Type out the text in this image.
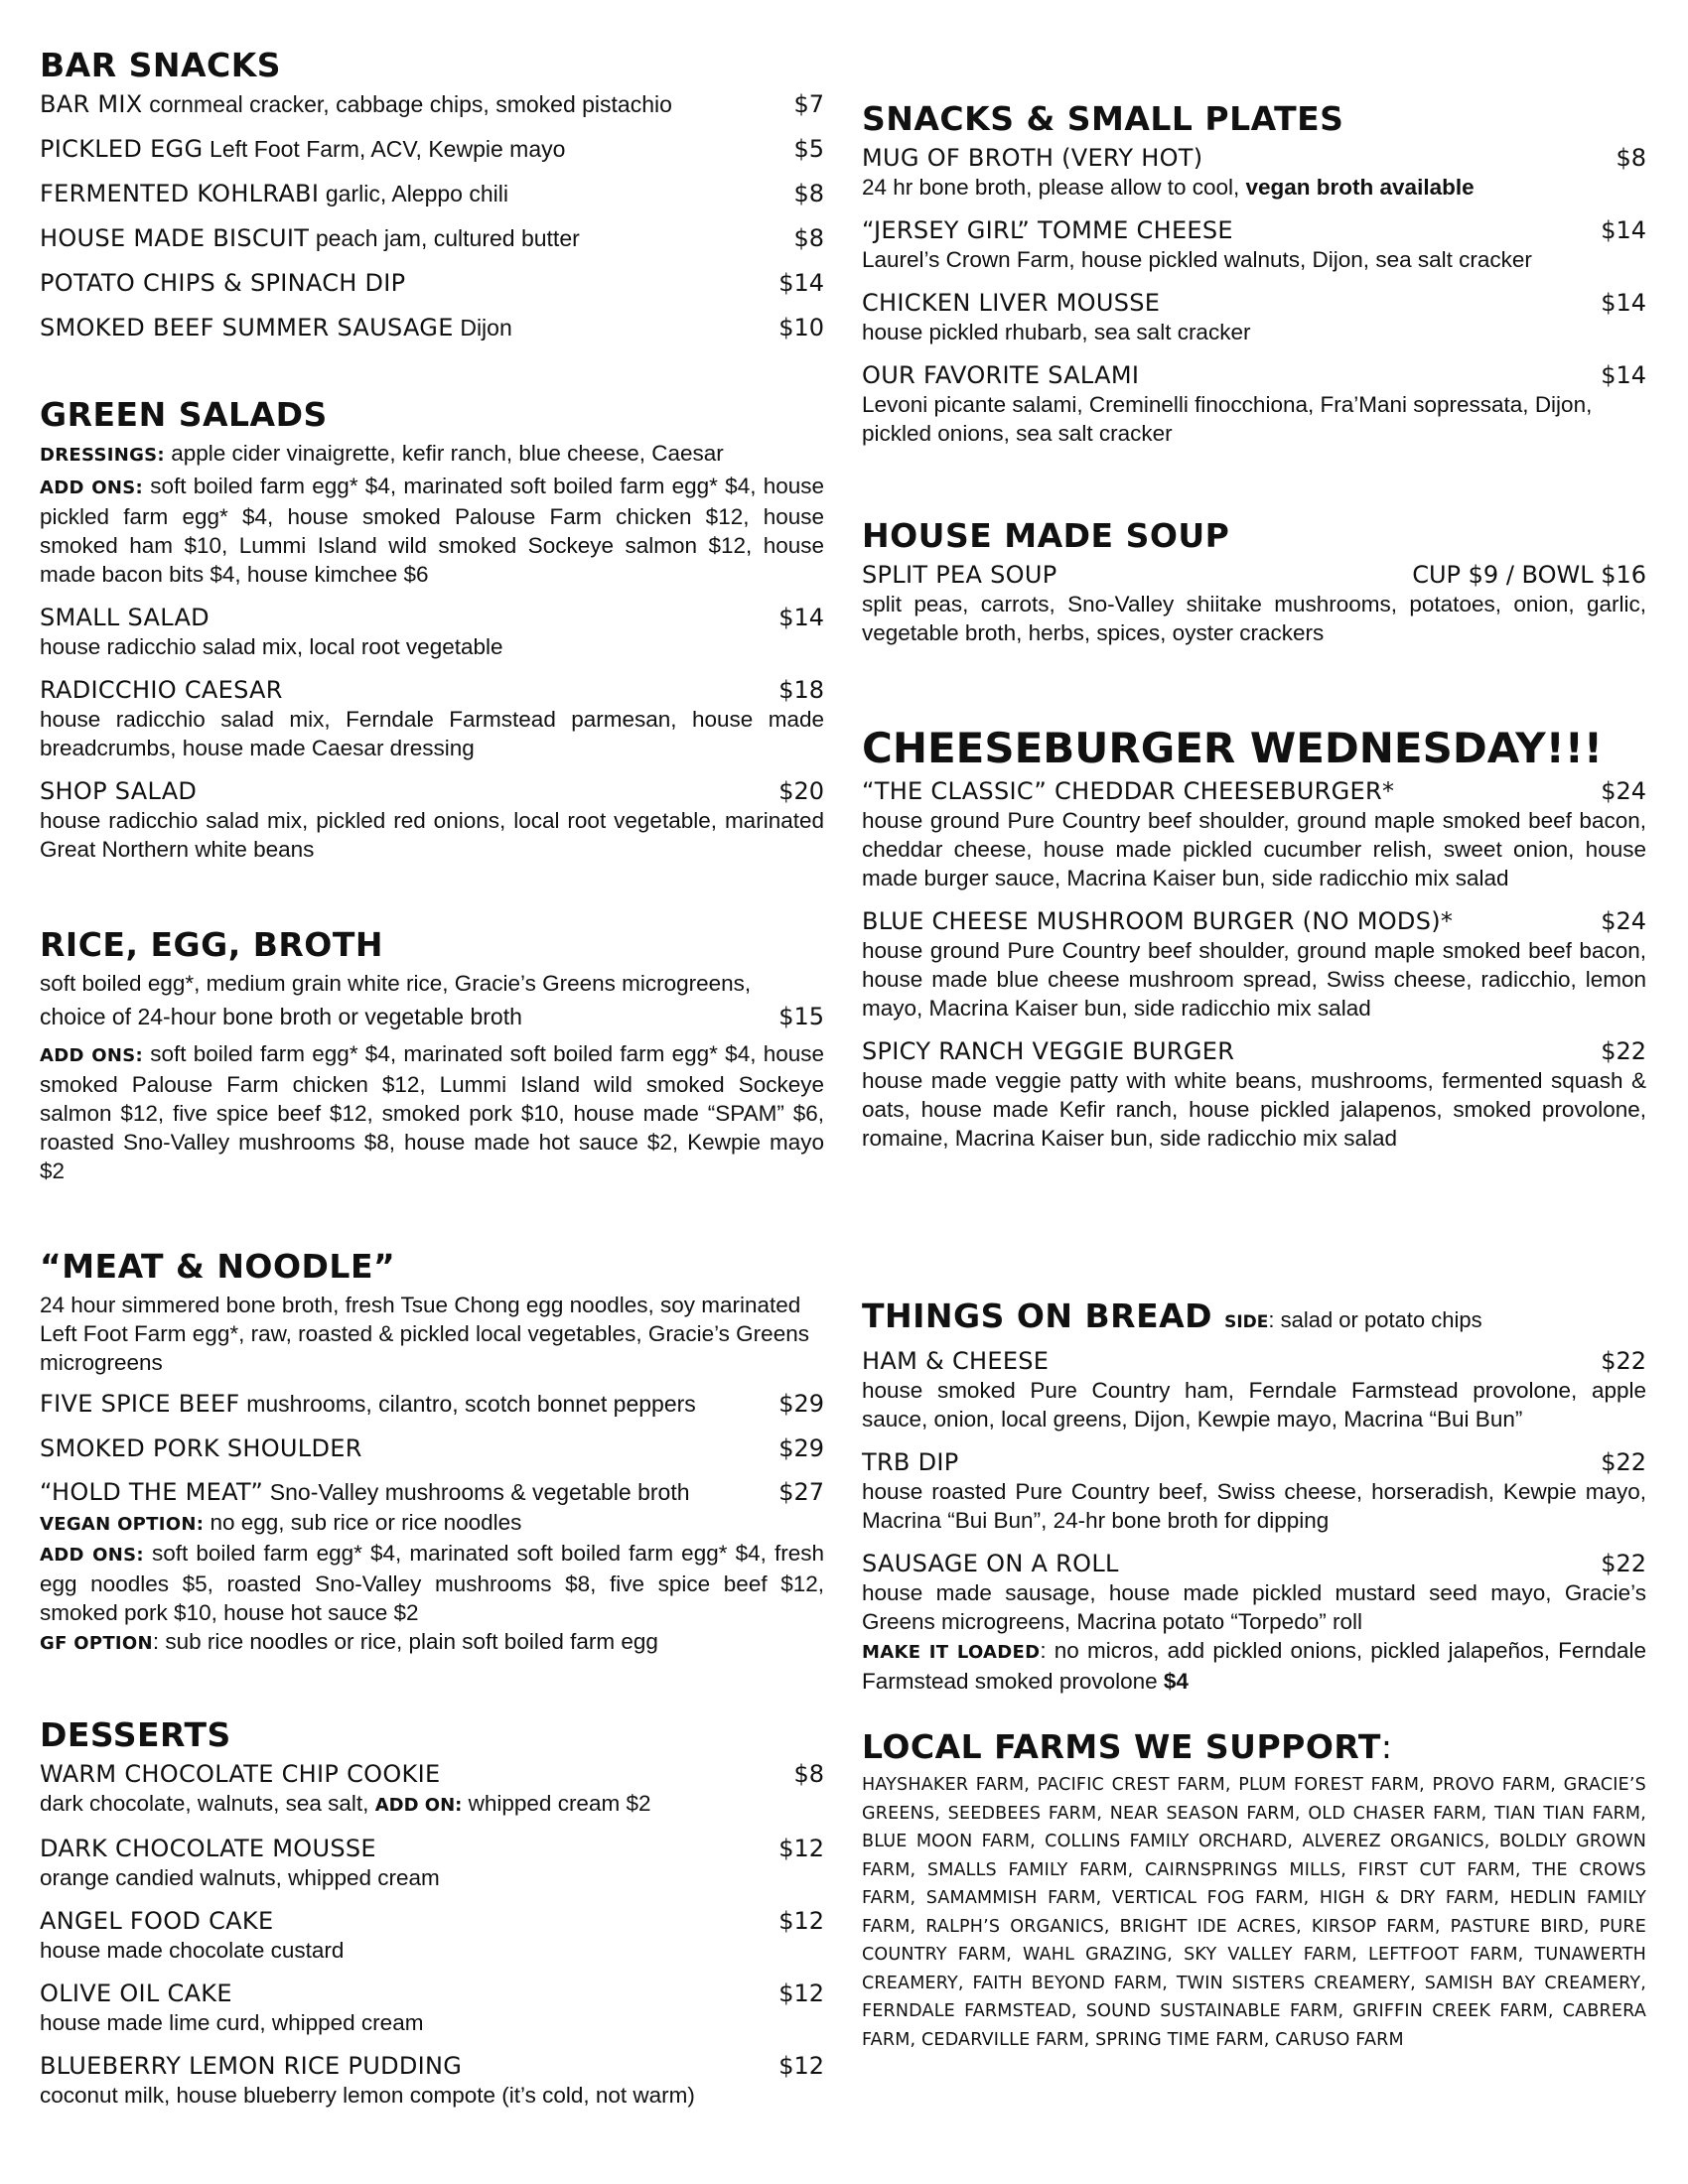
BAR SNACKS
BAR MIX cornmeal cracker, cabbage chips, smoked pistachio	$7
PICKLED EGG Left Foot Farm, ACV, Kewpie mayo	$5
FERMENTED KOHLRABI garlic, Aleppo chili	$8
HOUSE MADE BISCUIT peach jam, cultured butter	$8
POTATO CHIPS & SPINACH DIP	$14
SMOKED BEEF SUMMER SAUSAGE Dijon	$10
GREEN SALADS
DRESSINGS: apple cider vinaigrette, kefir ranch, blue cheese, Caesar
ADD ONS: soft boiled farm egg* $4, marinated soft boiled farm egg* $4, house pickled farm egg* $4, house smoked Palouse Farm chicken $12, house smoked ham $10, Lummi Island wild smoked Sockeye salmon $12, house made bacon bits $4, house kimchee $6
SMALL SALAD	$14
house radicchio salad mix, local root vegetable
RADICCHIO CAESAR	$18
house radicchio salad mix, Ferndale Farmstead parmesan, house made breadcrumbs, house made Caesar dressing
SHOP SALAD	$20
house radicchio salad mix, pickled red onions, local root vegetable, marinated Great Northern white beans
RICE, EGG, BROTH
soft boiled egg*, medium grain white rice, Gracie’s Greens microgreens,
choice of 24-hour bone broth or vegetable broth	$15
ADD ONS: soft boiled farm egg* $4, marinated soft boiled farm egg* $4, house smoked Palouse Farm chicken $12, Lummi Island wild smoked Sockeye salmon $12, five spice beef $12, smoked pork $10, house made “SPAM” $6, roasted Sno-Valley mushrooms $8, house made hot sauce $2, Kewpie mayo $2
“MEAT & NOODLE”
24 hour simmered bone broth, fresh Tsue Chong egg noodles, soy marinated Left Foot Farm egg*, raw, roasted & pickled local vegetables, Gracie’s Greens microgreens
FIVE SPICE BEEF mushrooms, cilantro, scotch bonnet peppers	$29
SMOKED PORK SHOULDER	$29
“HOLD THE MEAT” Sno-Valley mushrooms & vegetable broth	$27
VEGAN OPTION: no egg, sub rice or rice noodles
ADD ONS: soft boiled farm egg* $4, marinated soft boiled farm egg* $4, fresh egg noodles $5, roasted Sno-Valley mushrooms $8, five spice beef $12, smoked pork $10, house hot sauce $2
GF OPTION: sub rice noodles or rice, plain soft boiled farm egg
DESSERTS
WARM CHOCOLATE CHIP COOKIE	$8
dark chocolate, walnuts, sea salt, ADD ON: whipped cream $2
DARK CHOCOLATE MOUSSE	$12
orange candied walnuts, whipped cream
ANGEL FOOD CAKE	$12
house made chocolate custard
OLIVE OIL CAKE	$12
house made lime curd, whipped cream
BLUEBERRY LEMON RICE PUDDING	$12
coconut milk, house blueberry lemon compote (it’s cold, not warm)
SNACKS & SMALL PLATES
MUG OF BROTH (VERY HOT)	$8
24 hr bone broth, please allow to cool, vegan broth available
“JERSEY GIRL” TOMME CHEESE	$14
Laurel’s Crown Farm, house pickled walnuts, Dijon, sea salt cracker
CHICKEN LIVER MOUSSE	$14
house pickled rhubarb, sea salt cracker
OUR FAVORITE SALAMI	$14
Levoni picante salami, Creminelli finocchiona, Fra’Mani sopressata, Dijon, pickled onions, sea salt cracker
HOUSE MADE SOUP
SPLIT PEA SOUP	CUP $9 / BOWL $16
split peas, carrots, Sno-Valley shiitake mushrooms, potatoes, onion, garlic, vegetable broth, herbs, spices, oyster crackers
CHEESEBURGER WEDNESDAY!!!
“THE CLASSIC” CHEDDAR CHEESEBURGER*	$24
house ground Pure Country beef shoulder, ground maple smoked beef bacon, cheddar cheese, house made pickled cucumber relish, sweet onion, house made burger sauce, Macrina Kaiser bun, side radicchio mix salad
BLUE CHEESE MUSHROOM BURGER (NO MODS)*	$24
house ground Pure Country beef shoulder, ground maple smoked beef bacon, house made blue cheese mushroom spread, Swiss cheese, radicchio, lemon mayo, Macrina Kaiser bun, side radicchio mix salad
SPICY RANCH VEGGIE BURGER	$22
house made veggie patty with white beans, mushrooms, fermented squash & oats, house made Kefir ranch, house pickled jalapenos, smoked provolone, romaine, Macrina Kaiser bun, side radicchio mix salad
THINGS ON BREAD SIDE: salad or potato chips
HAM & CHEESE	$22
house smoked Pure Country ham, Ferndale Farmstead provolone, apple sauce, onion, local greens, Dijon, Kewpie mayo, Macrina “Bui Bun”
TRB DIP	$22
house roasted Pure Country beef, Swiss cheese, horseradish, Kewpie mayo, Macrina “Bui Bun”, 24-hr bone broth for dipping
SAUSAGE ON A ROLL	$22
house made sausage, house made pickled mustard seed mayo, Gracie’s Greens microgreens, Macrina potato “Torpedo” roll
MAKE IT LOADED: no micros, add pickled onions, pickled jalapeños, Ferndale Farmstead smoked provolone $4
LOCAL FARMS WE SUPPORT:
HAYSHAKER FARM, PACIFIC CREST FARM, PLUM FOREST FARM, PROVO FARM, GRACIE’S GREENS, SEEDBEES FARM, NEAR SEASON FARM, OLD CHASER FARM, TIAN TIAN FARM, BLUE MOON FARM, COLLINS FAMILY ORCHARD, ALVEREZ ORGANICS, BOLDLY GROWN FARM, SMALLS FAMILY FARM, CAIRNSPRINGS MILLS, FIRST CUT FARM, THE CROWS FARM, SAMAMMISH FARM, VERTICAL FOG FARM, HIGH & DRY FARM, HEDLIN FAMILY FARM, RALPH’S ORGANICS, BRIGHT IDE ACRES, KIRSOP FARM, PASTURE BIRD, PURE COUNTRY FARM, WAHL GRAZING, SKY VALLEY FARM, LEFTFOOT FARM, TUNAWERTH CREAMERY, FAITH BEYOND FARM, TWIN SISTERS CREAMERY, SAMISH BAY CREAMERY, FERNDALE FARMSTEAD, SOUND SUSTAINABLE FARM, GRIFFIN CREEK FARM, CABRERA FARM, CEDARVILLE FARM, SPRING TIME FARM, CARUSO FARM
